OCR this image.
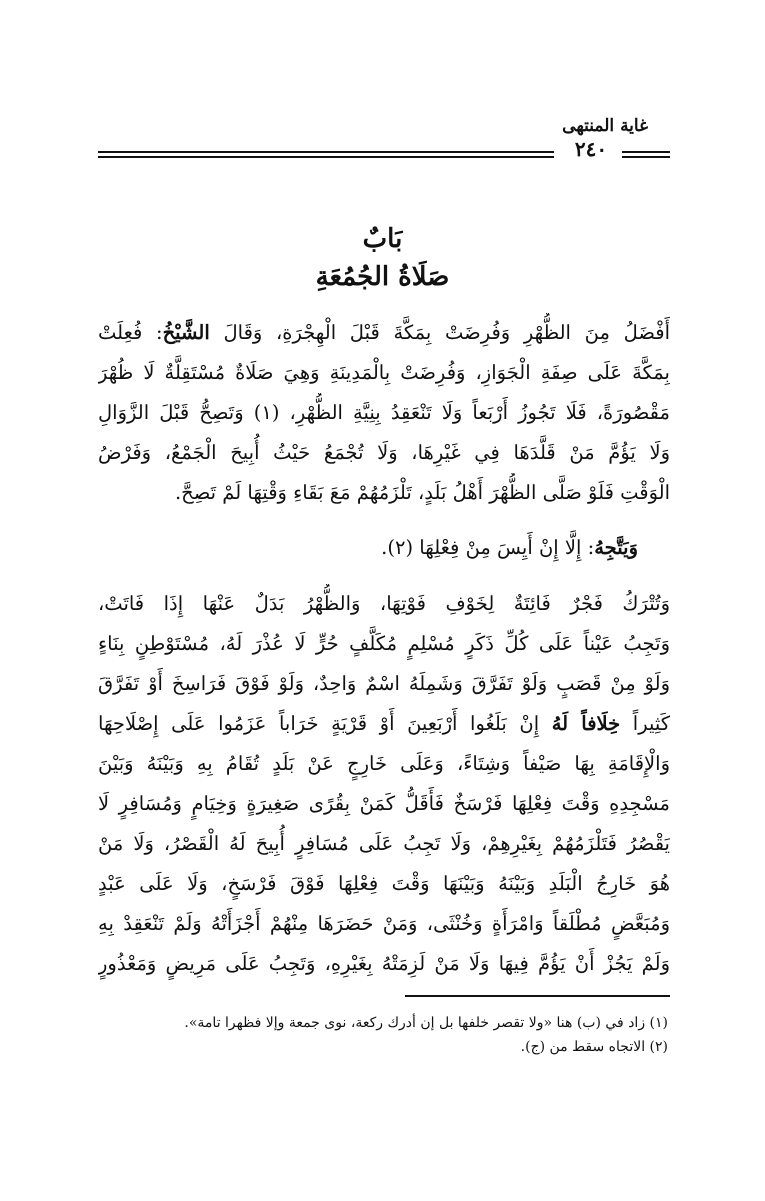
غاية المنتهى
٢٤٠
بَابٌ
صَلَاةُ الجُمُعَةِ
أَفْضَلُ مِنَ الظُّهْرِ وَفُرِضَتْ بِمَكَّةَ قَبْلَ الْهِجْرَةِ، وَقَالَ الشَّيْخُ: فُعِلَتْ
بِمَكَّةَ عَلَى صِفَةِ الْجَوَازِ، وَفُرِضَتْ بِالْمَدِينَةِ وَهِيَ صَلَاةٌ مُسْتَقِلَّةٌ لَا ظُهْرَ
مَقْصُورَةً، فَلَا تَجُوزُ أَرْبَعاً وَلَا تَنْعَقِدُ بِنِيَّةِ الظُّهْرِ، (١) وَتَصِحُّ قَبْلَ الزَّوَالِ
وَلَا يَؤُمَّ مَنْ قَلَّدَهَا فِي غَيْرِهَا، وَلَا تُجْمَعُ حَيْثُ أُبِيحَ الْجَمْعُ، وَفَرْضُ
الْوَقْتِ فَلَوْ صَلَّى الظُّهْرَ أَهْلُ بَلَدٍ، تَلْزَمُهُمْ مَعَ بَقَاءِ وَقْتِهَا لَمْ تَصِحَّ.
وَيَتَّجِهُ: إِلَّا إِنْ أَيِسَ مِنْ فِعْلِهَا (٢).
وَتُتْرَكُ فَجْرٌ فَائِتَةٌ لِخَوْفِ فَوْتِهَا، وَالظُّهْرُ بَدَلٌ عَنْهَا إِذَا فَاتَتْ،
وَتَجِبُ عَيْناً عَلَى كُلِّ ذَكَرٍ مُسْلِمٍ مُكَلَّفٍ حُرٍّ لَا عُذْرَ لَهُ، مُسْتَوْطِنٍ بِنَاءٍ
وَلَوْ مِنْ قَصَبٍ وَلَوْ تَفَرَّقَ وَشَمِلَهُ اسْمٌ وَاحِدٌ، وَلَوْ فَوْقَ فَرَاسِخَ أَوْ تَفَرَّقَ
كَثِيراً خِلَافاً لَهُ إِنْ بَلَغُوا أَرْبَعِينَ أَوْ قَرْيَةٍ خَرَاباً عَزَمُوا عَلَى إِصْلَاحِهَا
وَالْإِقَامَةِ بِهَا صَيْفاً وَشِتَاءً، وَعَلَى خَارِجٍ عَنْ بَلَدٍ تُقَامُ بِهِ وَبَيْنَهُ وَبَيْنَ
مَسْجِدِهِ وَقْتَ فِعْلِهَا فَرْسَخٌ فَأَقَلُّ كَمَنْ بِقُرًى صَغِيرَةٍ وَخِيَامٍ وَمُسَافِرٍ لَا
يَقْصُرُ فَتَلْزَمُهُمْ بِغَيْرِهِمْ، وَلَا تَجِبُ عَلَى مُسَافِرٍ أُبِيحَ لَهُ الْقَصْرُ، وَلَا مَنْ
هُوَ خَارِجُ الْبَلَدِ وَبَيْنَهُ وَبَيْنَهَا وَقْتَ فِعْلِهَا فَوْقَ فَرْسَخٍ، وَلَا عَلَى عَبْدٍ
وَمُبَعَّضٍ مُطْلَقاً وَامْرَأَةٍ وَخُنْثَى، وَمَنْ حَضَرَهَا مِنْهُمْ أَجْزَأَتْهُ وَلَمْ تَنْعَقِدْ بِهِ
وَلَمْ يَجُزْ أَنْ يَؤُمَّ فِيهَا وَلَا مَنْ لَزِمَتْهُ بِغَيْرِهِ، وَتَجِبُ عَلَى مَرِيضٍ وَمَعْذُورٍ
(١) زاد في (ب) هنا «ولا تقصر خلفها بل إن أدرك ركعة، نوى جمعة وإلا فظهرا تامة».
(٢) الاتجاه سقط من (ج).
